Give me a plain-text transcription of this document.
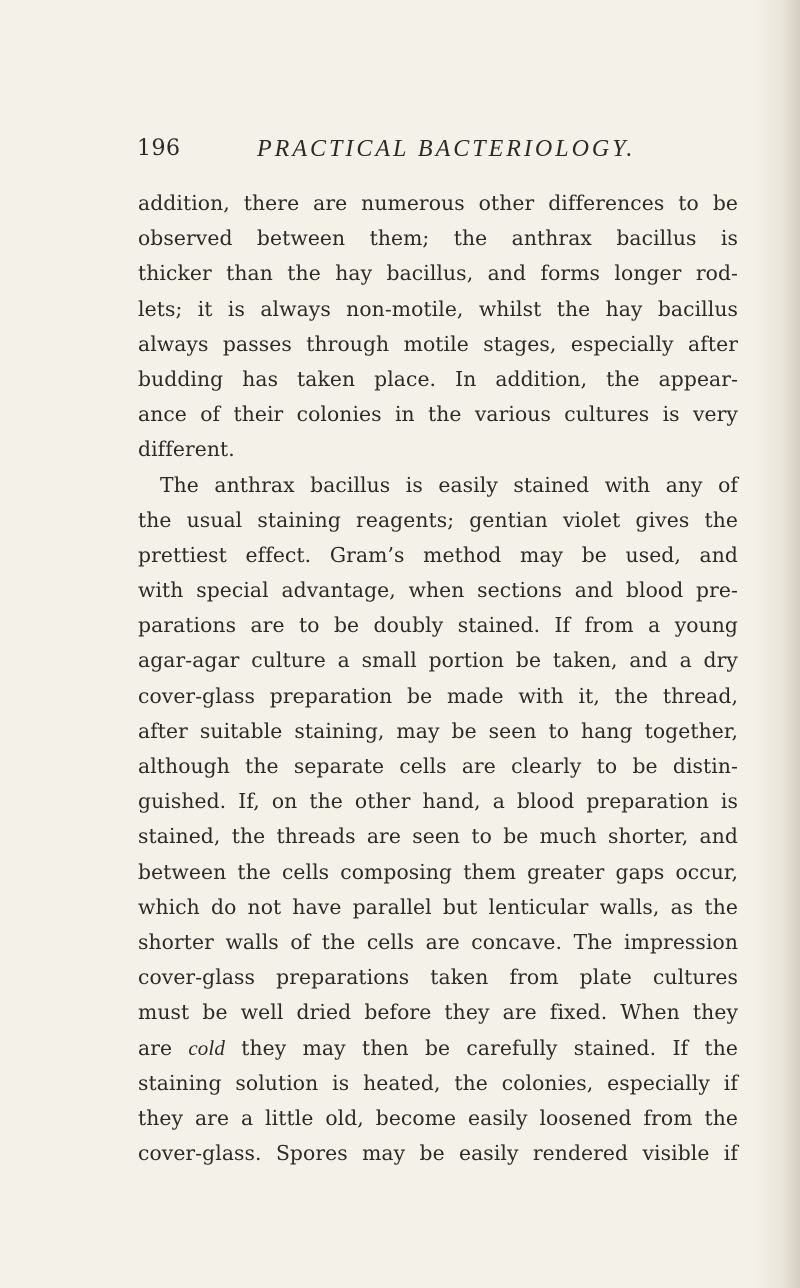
196	PRACTICAL BACTERIOLOGY.
addition, there are numerous other differences to be
observed between them; the anthrax bacillus is
thicker than the hay bacillus, and forms longer rod-
lets; it is always non-motile, whilst the hay bacillus
always passes through motile stages, especially after
budding has taken place. In addition, the appear-
ance of their colonies in the various cultures is very
different.
The anthrax bacillus is easily stained with any of
the usual staining reagents; gentian violet gives the
prettiest effect. Gram’s method may be used, and
with special advantage, when sections and blood pre-
parations are to be doubly stained. If from a young
agar-agar culture a small portion be taken, and a dry
cover-glass preparation be made with it, the thread,
after suitable staining, may be seen to hang together,
although the separate cells are clearly to be distin-
guished. If, on the other hand, a blood preparation is
stained, the threads are seen to be much shorter, and
between the cells composing them greater gaps occur,
which do not have parallel but lenticular walls, as the
shorter walls of the cells are concave. The impression
cover-glass preparations taken from plate cultures
must be well dried before they are fixed. When they
are cold they may then be carefully stained. If the
staining solution is heated, the colonies, especially if
they are a little old, become easily loosened from the
cover-glass. Spores may be easily rendered visible if
